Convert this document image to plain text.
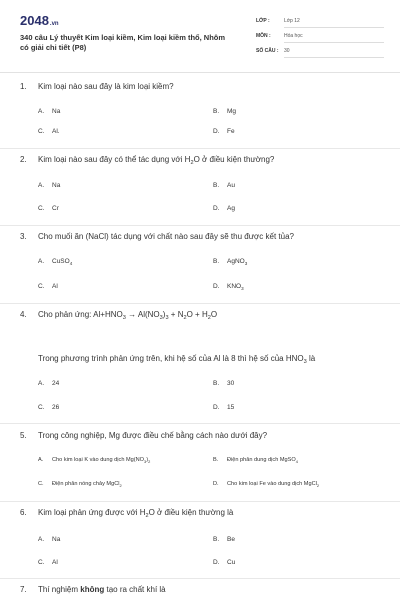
2048.vn
340 câu Lý thuyết Kim loại kiềm, Kim loại kiềm thổ, Nhôm có giải chi tiết (P8)
LỚP :	Lớp 12
MÔN :	Hóa học
SỐ CÂU :	30
1. Kim loại nào sau đây là kim loại kiềm?
A. Na	B. Mg
C. Al.	D. Fe
2. Kim loại nào sau đây có thể tác dụng với $H_2O$ ở điều kiện thường?
A. Na	B. Au
C. Cr	D. Ag
3. Cho muối ăn (NaCl) tác dụng với chất nào sau đây sẽ thu được kết tủa?
A. CuSO$_4$	B. AgNO$_3$
C. Al	D. $KNO_3$
4. Cho phản ứng: $Al+HNO_3 \to Al(NO_3)_3 + N_2O + H_2O$
Trong phương trình phản ứng trên, khi hệ số của Al là 8 thì hệ số của $HNO_3$ là
A. 24	B. 30
C. 26	D. 15
5. Trong công nghiệp, Mg được điều chế bằng cách nào dưới đây?
A. Cho kim loại K vào dung dịch $Mg(NO_3)_2$	B. Điện phân dung dịch MgSO$_4$
C. Điện phân nóng chảy MgCl$_2$	D. Cho kim loại Fe vào dung dịch MgCl$_2$
6. Kim loại phản ứng được với $H_2O$ ở điều kiện thường là
A. Na	B. Be
C. Al	D. Cu
7. Thí nghiệm không tạo ra chất khí là
